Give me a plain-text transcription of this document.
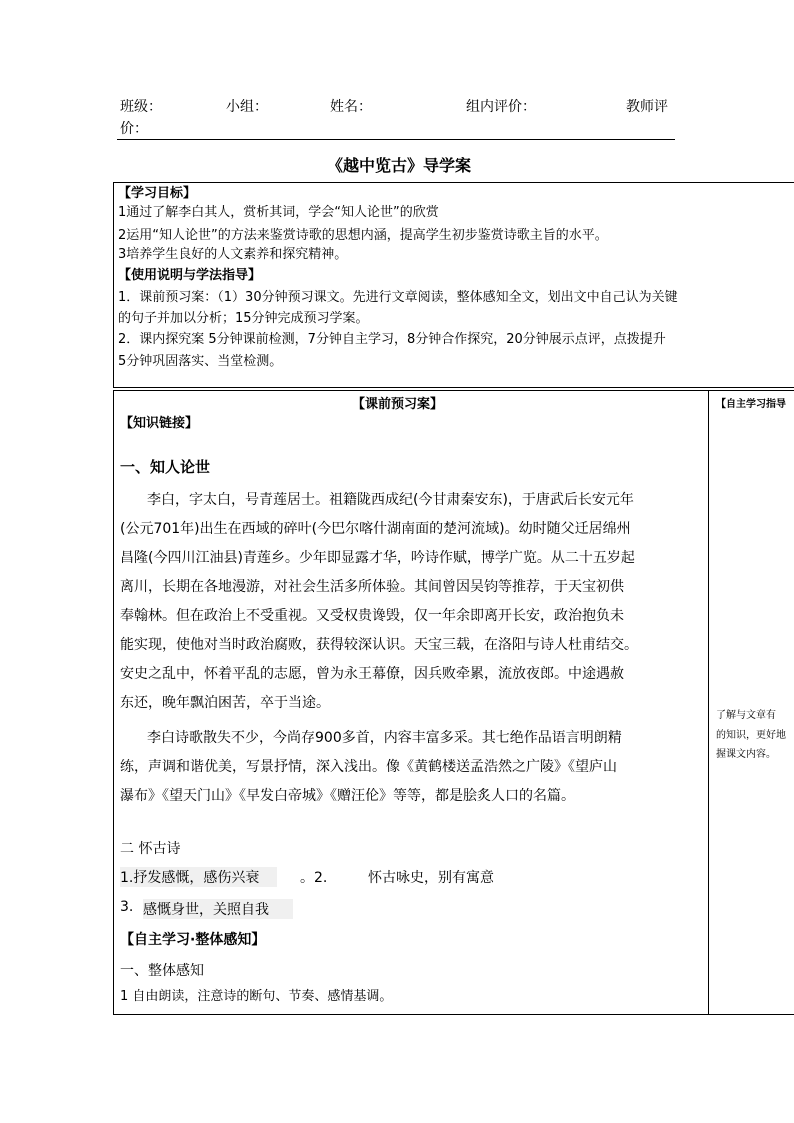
班级：	小组：	姓名：	组内评价：	教师评
价：
《越中览古》导学案
【学习目标】
1通过了解李白其人，赏析其词，学会“知人论世”的欣赏
2运用“知人论世”的方法来鉴赏诗歌的思想内涵，提高学生初步鉴赏诗歌主旨的水平。
3培养学生良好的人文素养和探究精神。
【使用说明与学法指导】
1．课前预习案：（1）30分钟预习课文。先进行文章阅读，整体感知全文，划出文中自己认为关键
的句子并加以分析；15分钟完成预习学案。
2．课内探究案 5分钟课前检测，7分钟自主学习，8分钟合作探究，20分钟展示点评，点拨提升
5分钟巩固落实、当堂检测。
【课前预习案】	【自主学习指导
【知识链接】
一、知人论世
李白，字太白，号青莲居士。祖籍陇西成纪(今甘肃秦安东)，于唐武后长安元年
(公元701年)出生在西域的碎叶(今巴尔喀什湖南面的楚河流域)。幼时随父迁居绵州
昌隆(今四川江油县)青莲乡。少年即显露才华，吟诗作赋，博学广览。从二十五岁起
离川，长期在各地漫游，对社会生活多所体验。其间曾因吴钧等推荐，于天宝初供
奉翰林。但在政治上不受重视。又受权贵谗毁，仅一年余即离开长安，政治抱负未
能实现，使他对当时政治腐败，获得较深认识。天宝三载，在洛阳与诗人杜甫结交。
安史之乱中，怀着平乱的志愿，曾为永王幕僚，因兵败牵累，流放夜郎。中途遇赦
东还，晚年飘泊困苦，卒于当途。
李白诗歌散失不少，今尚存900多首，内容丰富多采。其七绝作品语言明朗精
练，声调和谐优美，写景抒情，深入浅出。像《黄鹤楼送孟浩然之广陵》《望庐山
瀑布》《望天门山》《早发白帝城》《赠汪伦》等等，都是脍炙人口的名篇。
二 怀古诗
1.抒发感慨，感伤兴衰	。2.	怀古咏史，别有寓意
3. 感慨身世，关照自我
【自主学习·整体感知】
一、整体感知
1 自由朗读，注意诗的断句、节奏、感情基调。
了解与文章有
的知识，更好地
握课文内容。
